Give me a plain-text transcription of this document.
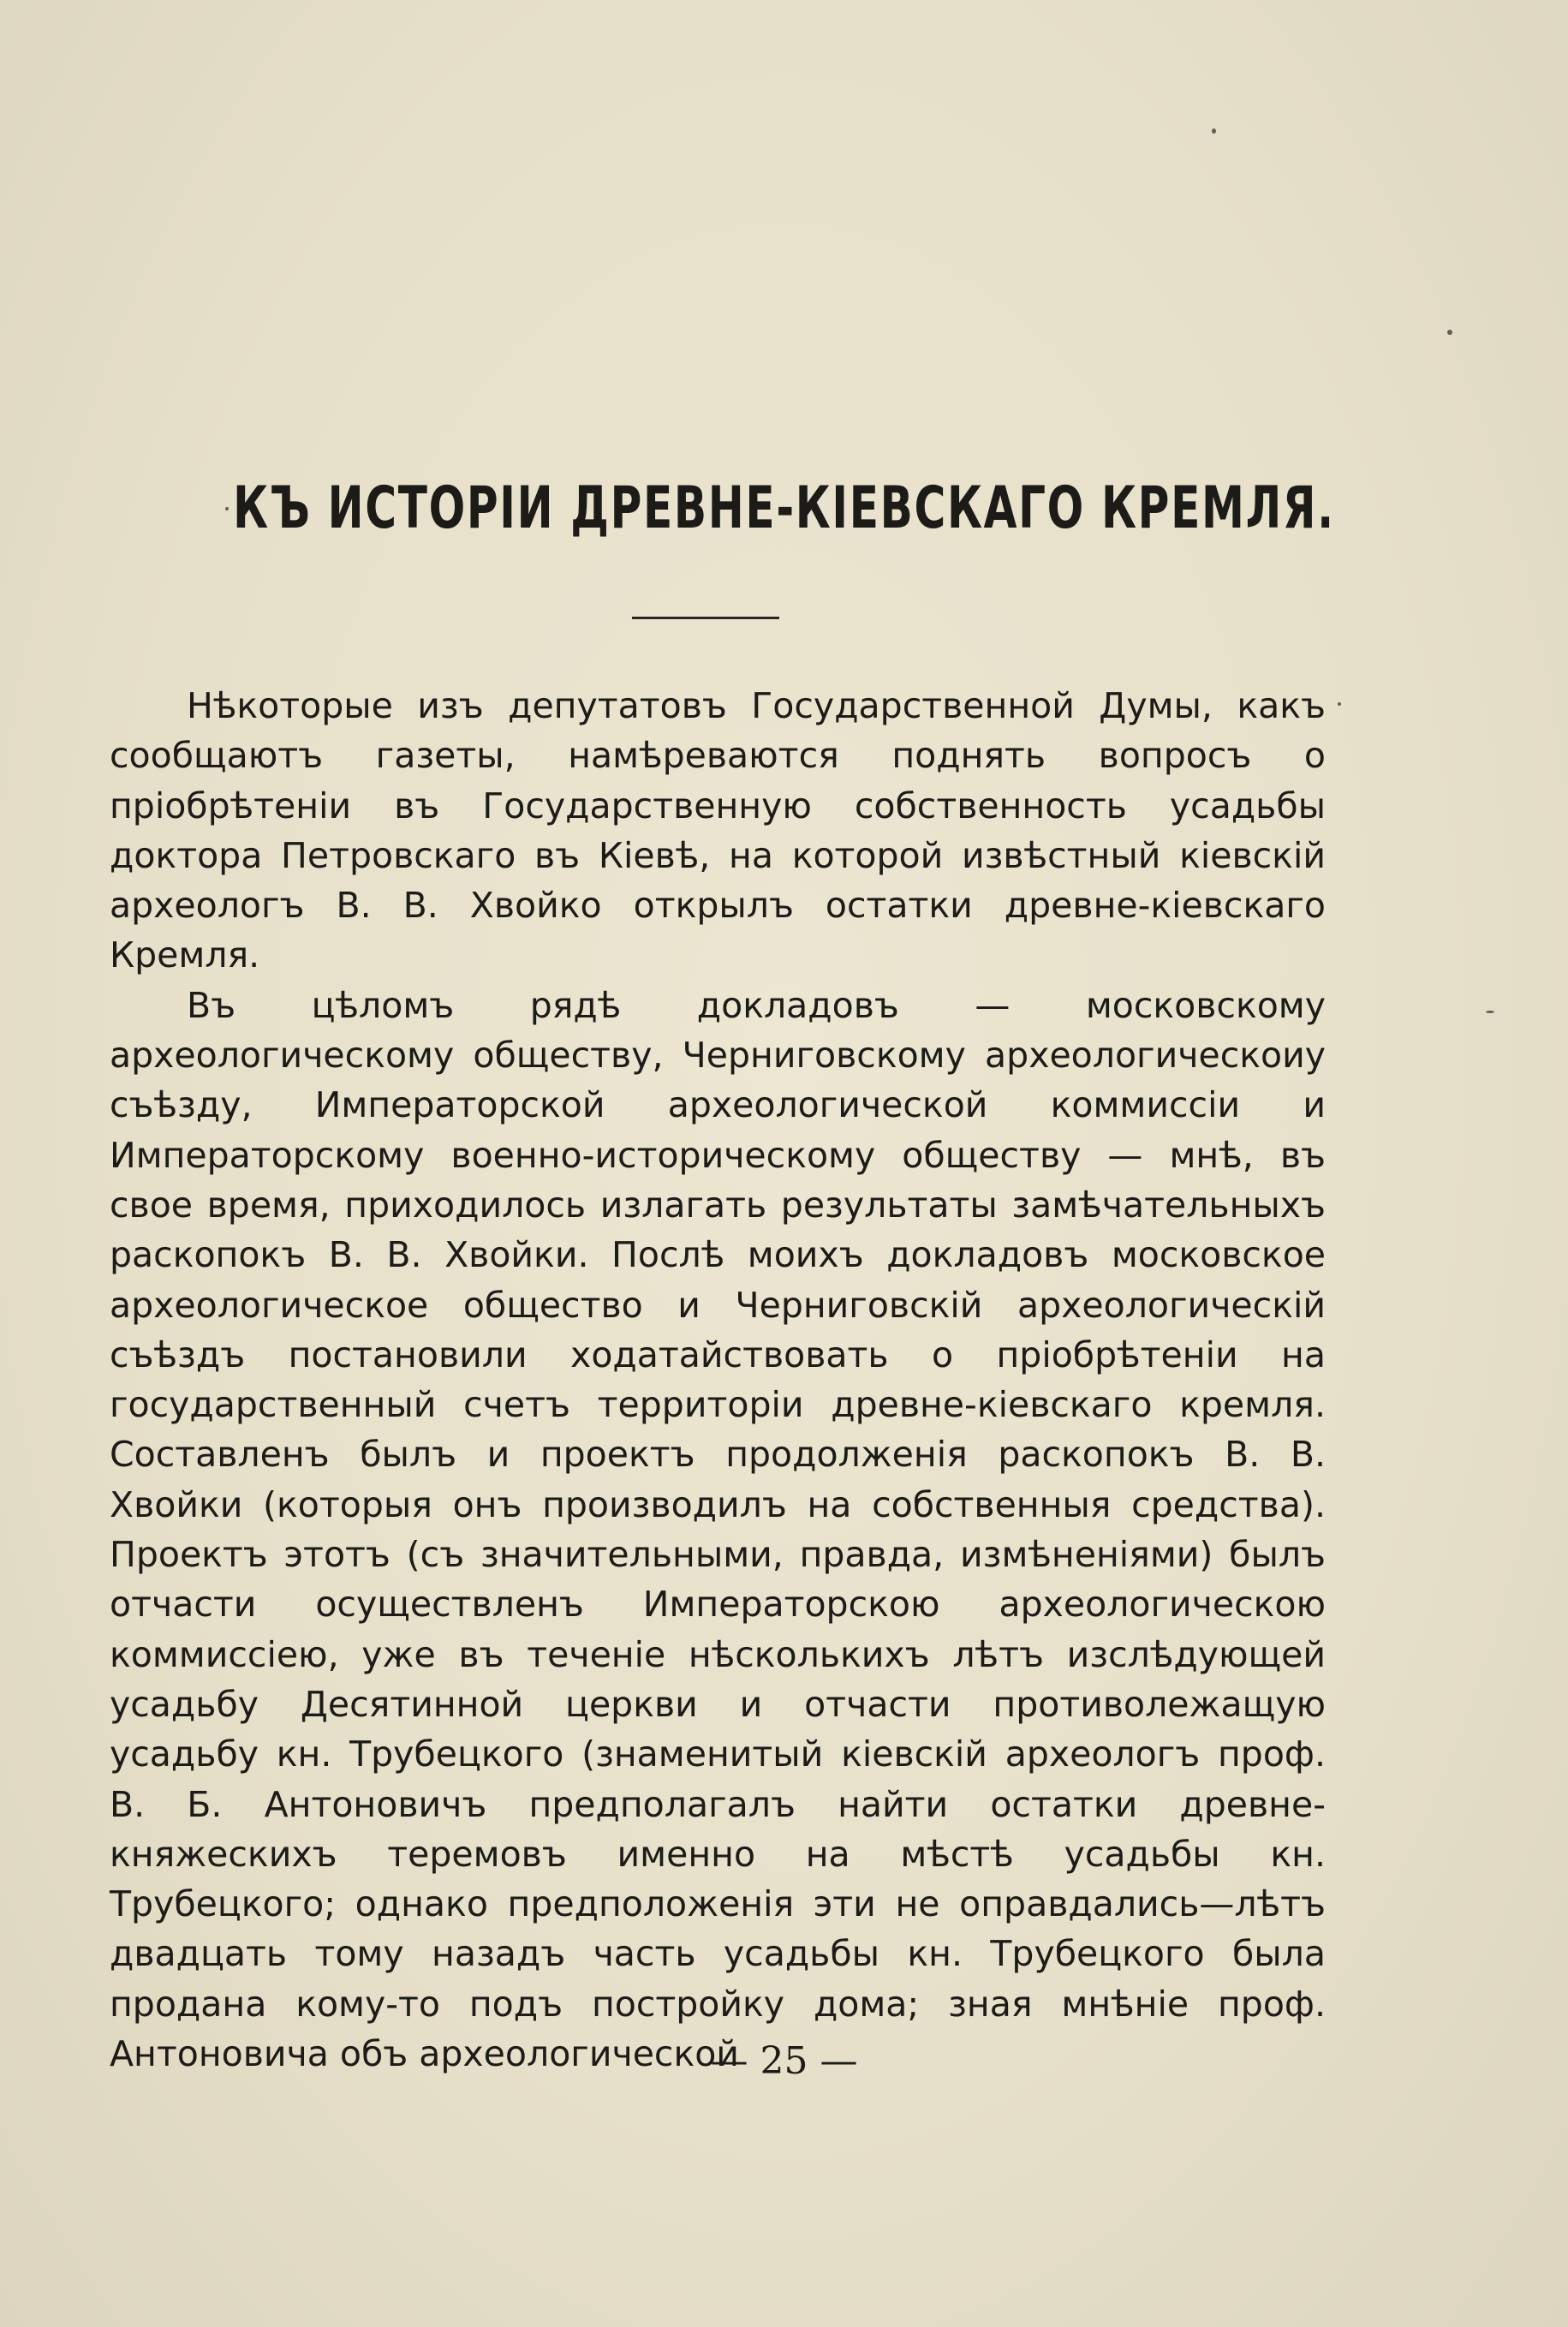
КЪ ИСТОРІИ ДРЕВНЕ-КІЕВСКАГО КРЕМЛЯ.

Нѣкоторые изъ депутатовъ Государственной Думы, какъ сообщаютъ газеты, намѣреваются поднять вопросъ о пріобрѣтеніи въ Государственную собственность усадьбы доктора Петровскаго въ Кіевѣ, на которой извѣстный кіевскій археологъ В. В. Хвойко открылъ остатки древне-кіевскаго Кремля.

Въ цѣломъ рядѣ докладовъ — московскому археологическому обществу, Черниговскому археологическоиу съѣзду, Императорской археологической коммиссіи и Императорскому военно-историческому обществу — мнѣ, въ свое время, приходилось излагать результаты замѣчательныхъ раскопокъ В. В. Хвойки. Послѣ моихъ докладовъ московское археологическое общество и Черниговскій археологическій съѣздъ постановили ходатайствовать о пріобрѣтеніи на государственный счетъ территоріи древне-кіевскаго кремля. Составленъ былъ и проектъ продолженія раскопокъ В. В. Хвойки (которыя онъ производилъ на собственныя средства). Проектъ этотъ (съ значительными, правда, измѣненіями) былъ отчасти осуществленъ Императорскою археологическою коммиссіею, уже въ теченіе нѣсколькихъ лѣтъ изслѣдующей усадьбу Десятинной церкви и отчасти противолежащую усадьбу кн. Трубецкого (знаменитый кіевскій археологъ проф. В. Б. Антоновичъ предполагалъ найти остатки древне-княжескихъ теремовъ именно на мѣстѣ усадьбы кн. Трубецкого; однако предположенія эти не оправдались—лѣтъ двадцать тому назадъ часть усадьбы кн. Трубецкого была продана кому-то подъ постройку дома; зная мнѣніе проф. Антоновича объ археологической

— 25 —
